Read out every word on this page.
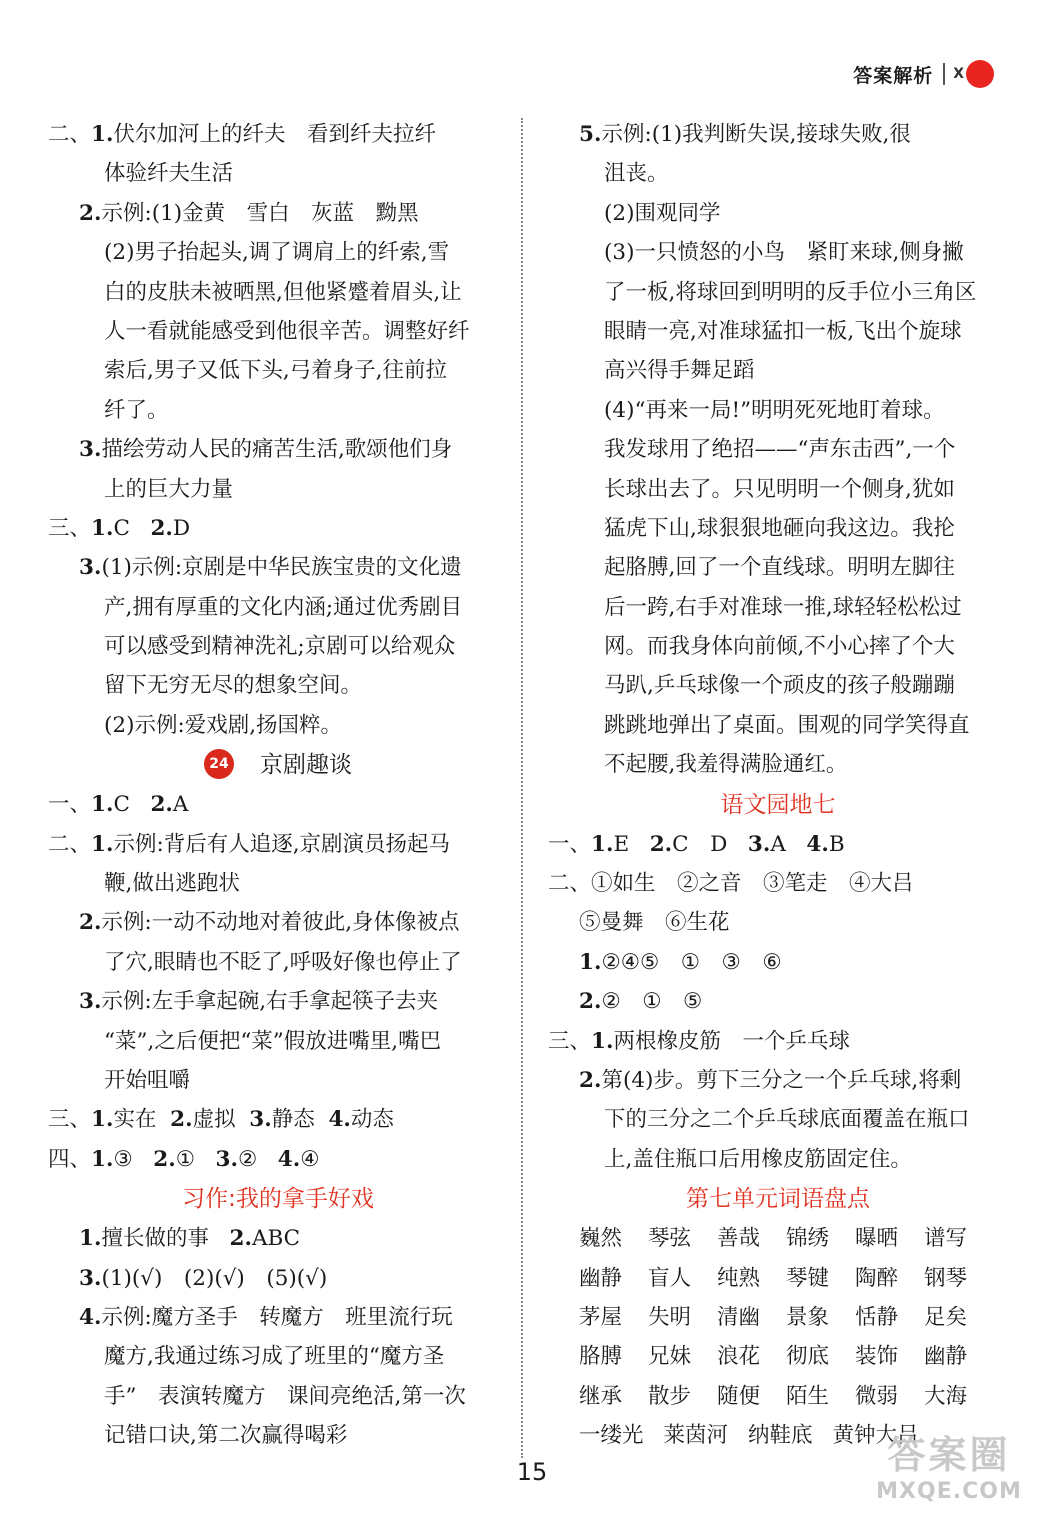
答案解析 X
二、1.伏尔加河上的纤夫　看到纤夫拉纤
体验纤夫生活
2.示例:(1)金黄　雪白　灰蓝　黝黑
(2)男子抬起头,调了调肩上的纤索,雪
白的皮肤未被晒黑,但他紧蹙着眉头,让
人一看就能感受到他很辛苦。调整好纤
索后,男子又低下头,弓着身子,往前拉
纤了。
3.描绘劳动人民的痛苦生活,歌颂他们身
上的巨大力量
三、1.C 2.D
3.(1)示例:京剧是中华民族宝贵的文化遗
产,拥有厚重的文化内涵;通过优秀剧目
可以感受到精神洗礼;京剧可以给观众
留下无穷无尽的想象空间。
(2)示例:爱戏剧,扬国粹。
24 京剧趣谈
一、1.C 2.A
二、1.示例:背后有人追逐,京剧演员扬起马
鞭,做出逃跑状
2.示例:一动不动地对着彼此,身体像被点
了穴,眼睛也不眨了,呼吸好像也停止了
3.示例:左手拿起碗,右手拿起筷子去夹
“菜”,之后便把“菜”假放进嘴里,嘴巴
开始咀嚼
三、1.实在 2.虚拟 3.静态 4.动态
四、1.③ 2.① 3.② 4.④
习作:我的拿手好戏
1.擅长做的事 2.ABC
3.(1)(√)　(2)(√)　(5)(√)
4.示例:魔方圣手　转魔方　班里流行玩
魔方,我通过练习成了班里的“魔方圣
手”　表演转魔方　课间亮绝活,第一次
记错口诀,第二次赢得喝彩
5.示例:(1)我判断失误,接球失败,很
沮丧。
(2)围观同学
(3)一只愤怒的小鸟　紧盯来球,侧身撇
了一板,将球回到明明的反手位小三角区
眼睛一亮,对准球猛扣一板,飞出个旋球
高兴得手舞足蹈
(4)“再来一局!”明明死死地盯着球。
我发球用了绝招——“声东击西”,一个
长球出去了。只见明明一个侧身,犹如
猛虎下山,球狠狠地砸向我这边。我抡
起胳膊,回了一个直线球。明明左脚往
后一跨,右手对准球一推,球轻轻松松过
网。而我身体向前倾,不小心摔了个大
马趴,乒乓球像一个顽皮的孩子般蹦蹦
跳跳地弹出了桌面。围观的同学笑得直
不起腰,我羞得满脸通红。
语文园地七
一、1.E 2.C　D 3.A 4.B
二、①如生　②之音　③笔走　④大吕
⑤曼舞　⑥生花
1.②④⑤　①　③　⑥
2.②　①　⑤
三、1.两根橡皮筋　一个乒乓球
2.第(4)步。剪下三分之一个乒乓球,将剩
下的三分之二个乒乓球底面覆盖在瓶口
上,盖住瓶口后用橡皮筋固定住。
第七单元词语盘点
巍然	琴弦	善哉	锦绣	曝晒	谱写
幽静	盲人	纯熟	琴键	陶醉	钢琴
茅屋	失明	清幽	景象	恬静	足矣
胳膊	兄妹	浪花	彻底	装饰	幽静
继承	散步	随便	陌生	微弱	大海
一缕光 莱茵河 纳鞋底 黄钟大吕
15	答案圈
MXQE.COM
